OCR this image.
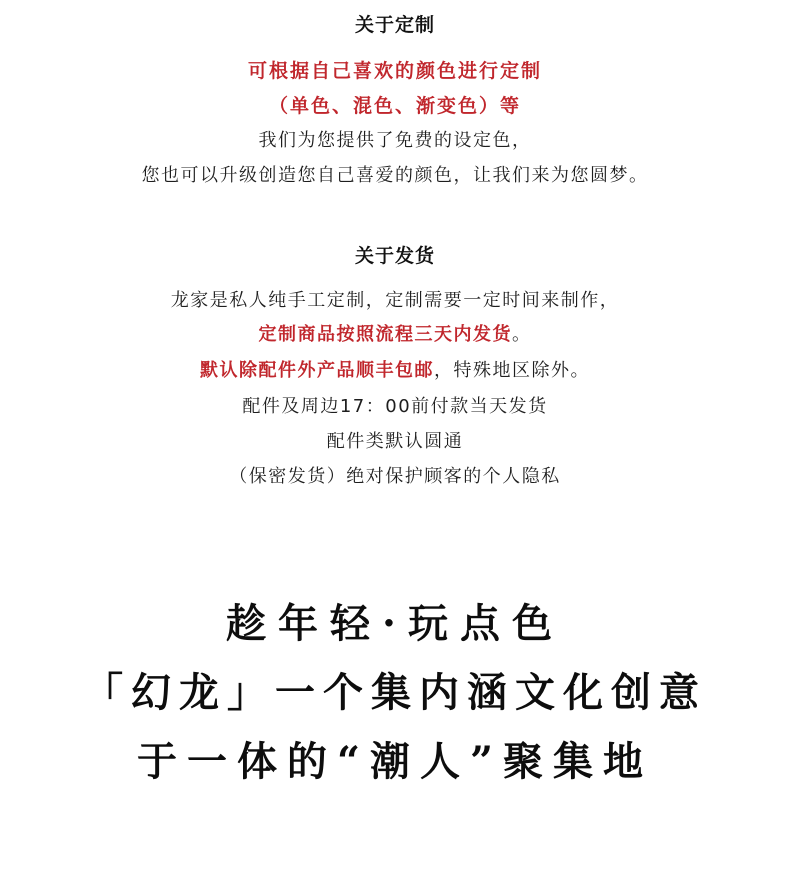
关于定制
可根据自己喜欢的颜色进行定制
（单色、混色、渐变色）等
我们为您提供了免费的设定色，
您也可以升级创造您自己喜爱的颜色，让我们来为您圆梦。
关于发货
龙家是私人纯手工定制，定制需要一定时间来制作，
定制商品按照流程三天内发货。
默认除配件外产品顺丰包邮，特殊地区除外。
配件及周边17：00前付款当天发货
配件类默认圆通
（保密发货）绝对保护顾客的个人隐私
趁年轻·玩点色
「幻龙」一个集内涵文化创意
于一体的“潮人”聚集地
